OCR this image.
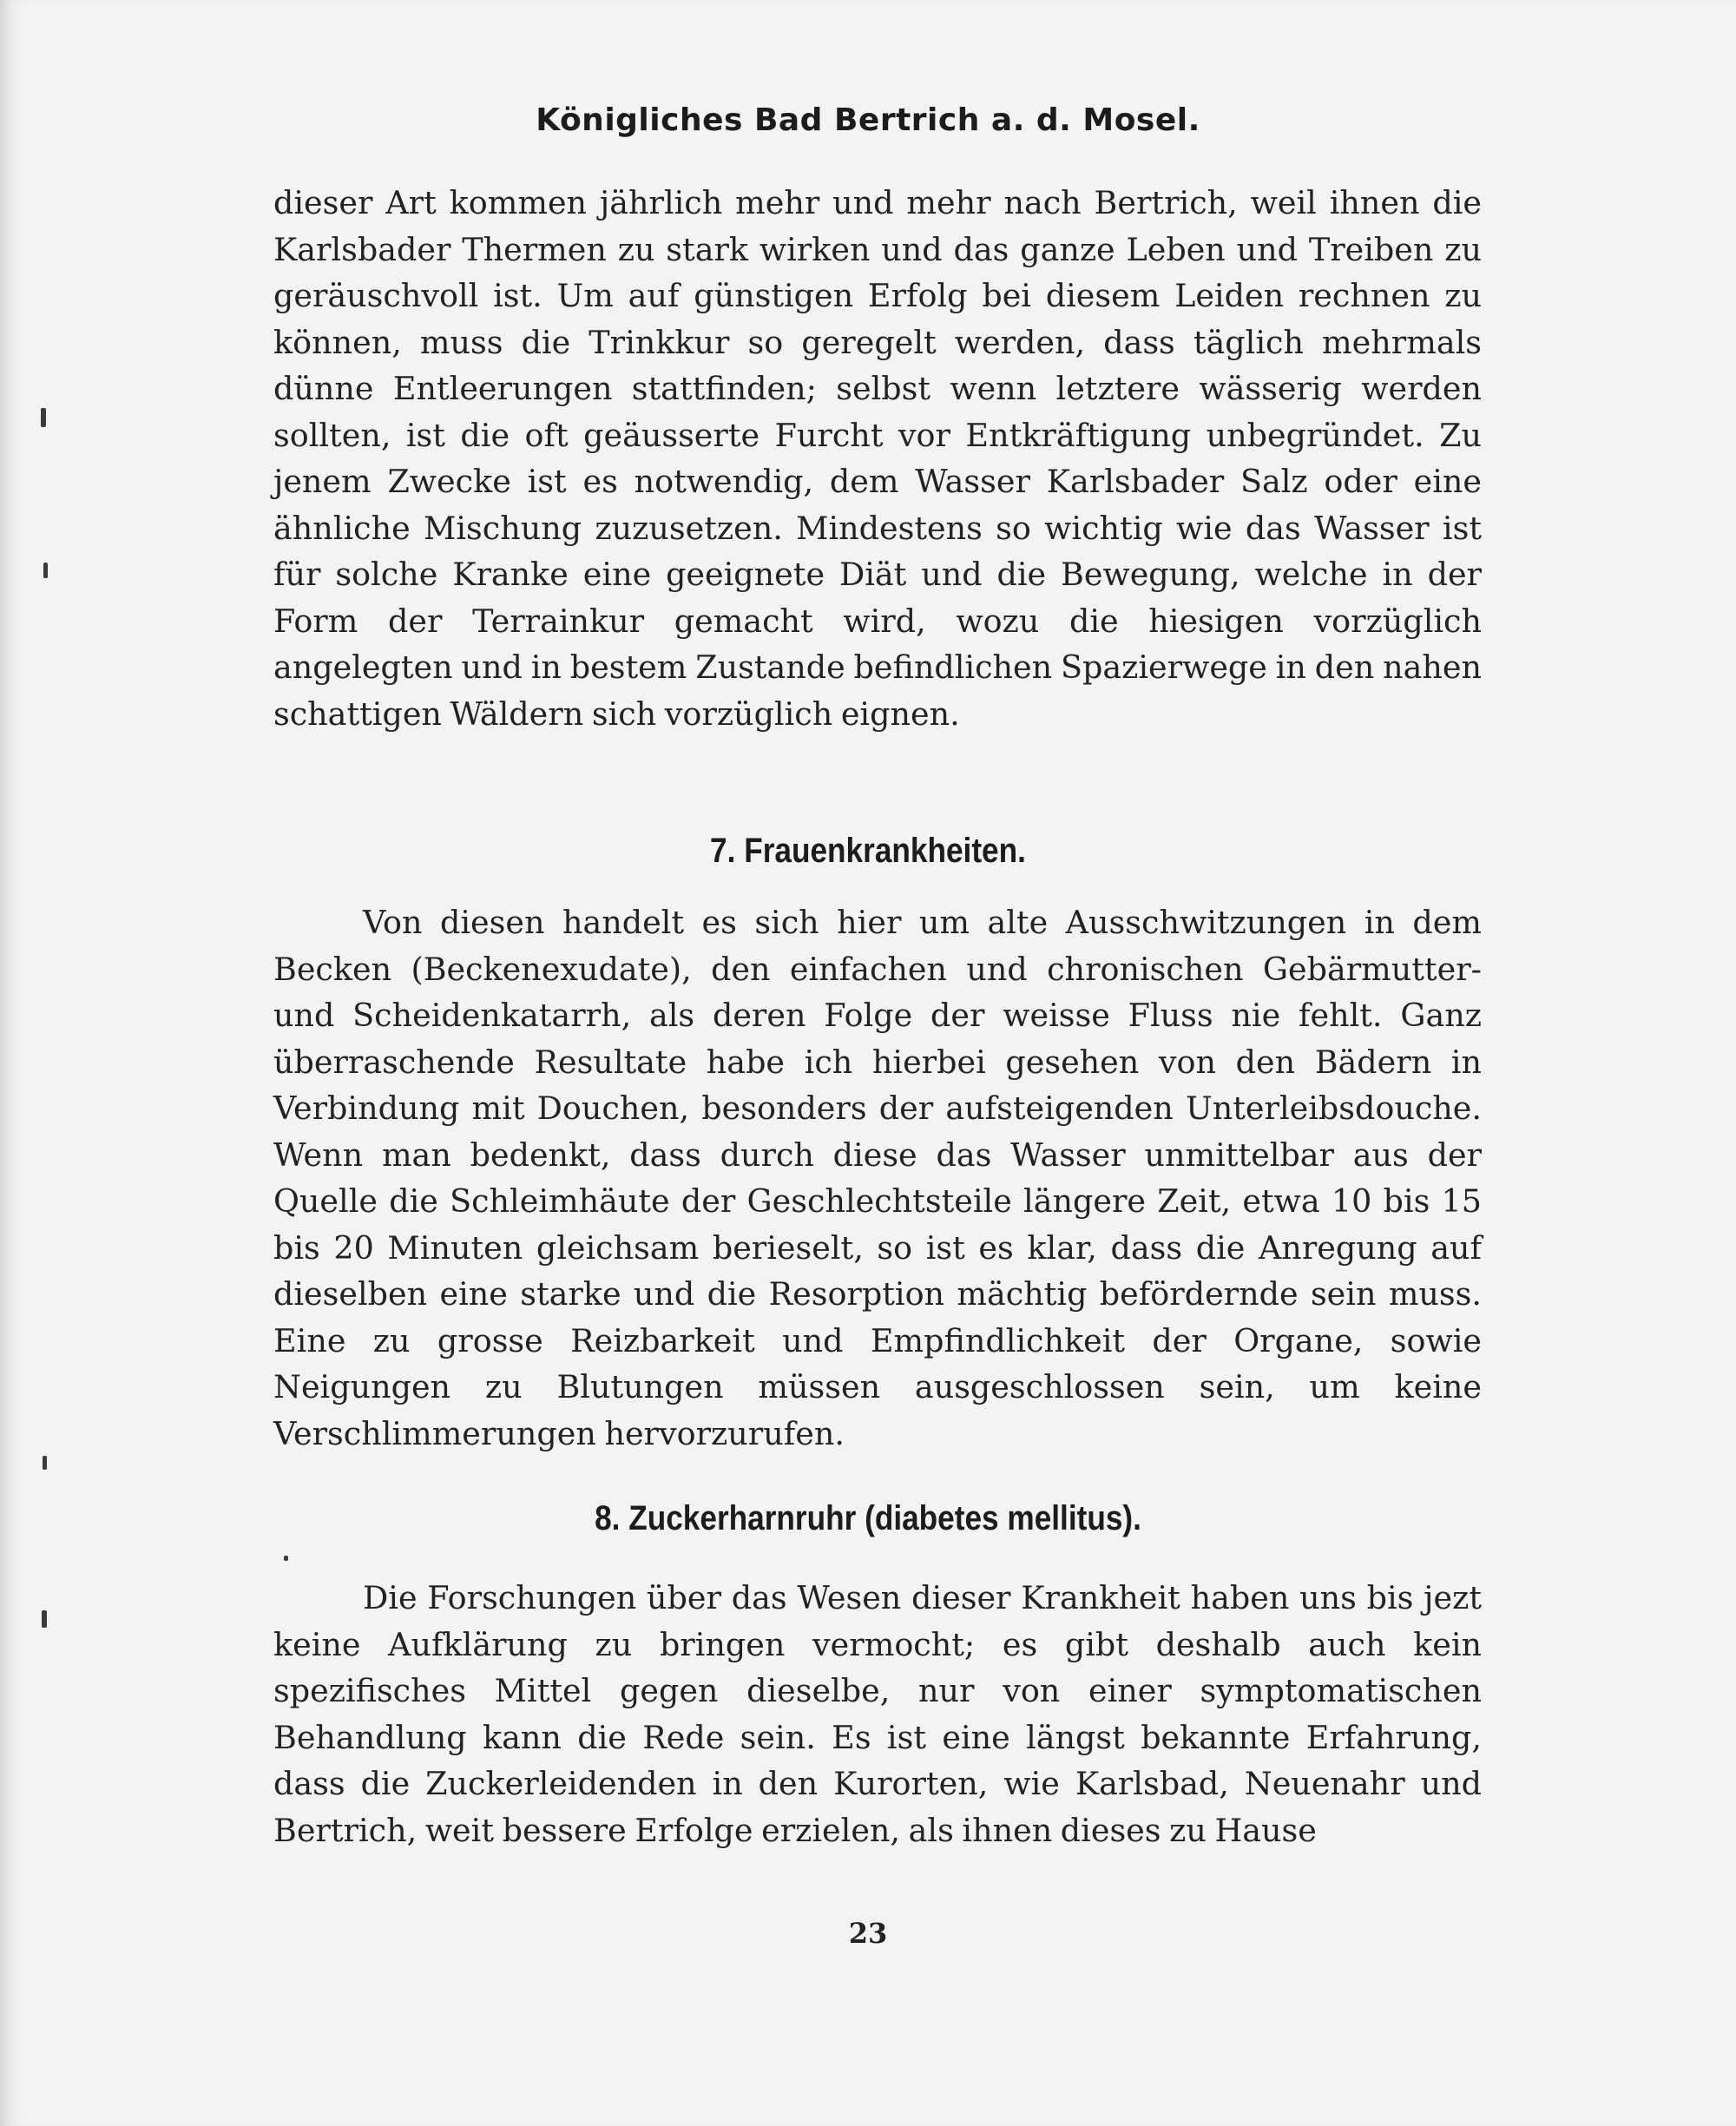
Königliches Bad Bertrich a. d. Mosel.

dieser Art kommen jährlich mehr und mehr nach Bertrich, weil ihnen die Karlsbader Thermen zu stark wirken und das ganze Leben und Treiben zu geräuschvoll ist. Um auf günstigen Erfolg bei diesem Leiden rechnen zu können, muss die Trinkkur so geregelt werden, dass täglich mehrmals dünne Entleerungen stattfinden; selbst wenn letztere wässerig werden sollten, ist die oft geäusserte Furcht vor Entkräftigung unbegründet. Zu jenem Zwecke ist es notwendig, dem Wasser Karlsbader Salz oder eine ähnliche Mischung zuzusetzen. Mindestens so wichtig wie das Wasser ist für solche Kranke eine geeignete Diät und die Bewegung, welche in der Form der Terrainkur gemacht wird, wozu die hiesigen vorzüglich angelegten und in bestem Zustande befindlichen Spazierwege in den nahen schattigen Wäldern sich vorzüglich eignen.

7. Frauenkrankheiten.

Von diesen handelt es sich hier um alte Ausschwitzungen in dem Becken (Beckenexudate), den einfachen und chronischen Gebärmutter- und Scheidenkatarrh, als deren Folge der weisse Fluss nie fehlt. Ganz überraschende Resultate habe ich hierbei gesehen von den Bädern in Verbindung mit Douchen, besonders der aufsteigenden Unterleibsdouche. Wenn man bedenkt, dass durch diese das Wasser unmittelbar aus der Quelle die Schleimhäute der Geschlechtsteile längere Zeit, etwa 10 bis 15 bis 20 Minuten gleichsam berieselt, so ist es klar, dass die Anregung auf dieselben eine starke und die Resorption mächtig befördernde sein muss. Eine zu grosse Reizbarkeit und Empfindlichkeit der Organe, sowie Neigungen zu Blutungen müssen ausgeschlossen sein, um keine Verschlimmerungen hervorzurufen.

8. Zuckerharnruhr (diabetes mellitus).

Die Forschungen über das Wesen dieser Krankheit haben uns bis jezt keine Aufklärung zu bringen vermocht; es gibt deshalb auch kein spezifisches Mittel gegen dieselbe, nur von einer symptomatischen Behandlung kann die Rede sein. Es ist eine längst bekannte Erfahrung, dass die Zuckerleidenden in den Kurorten, wie Karlsbad, Neuenahr und Bertrich, weit bessere Erfolge erzielen, als ihnen dieses zu Hause

23
